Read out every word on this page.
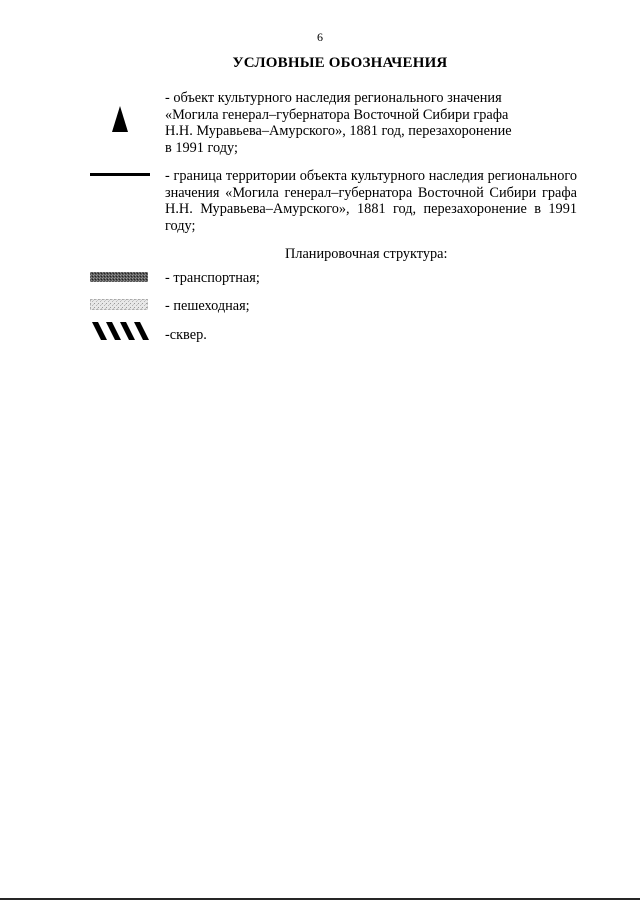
6
УСЛОВНЫЕ ОБОЗНАЧЕНИЯ
- объект культурного наследия регионального значения
«Могила генерал–губернатора Восточной Сибири графа
Н.Н. Муравьева–Амурского», 1881 год, перезахоронение
в 1991 году;
- граница территории объекта культурного наследия регионального значения «Могила генерал–губернатора Восточной Сибири графа Н.Н. Муравьева–Амурского», 1881 год, перезахоронение в 1991 году;
Планировочная структура:
- транспортная;
- пешеходная;
-сквер.
